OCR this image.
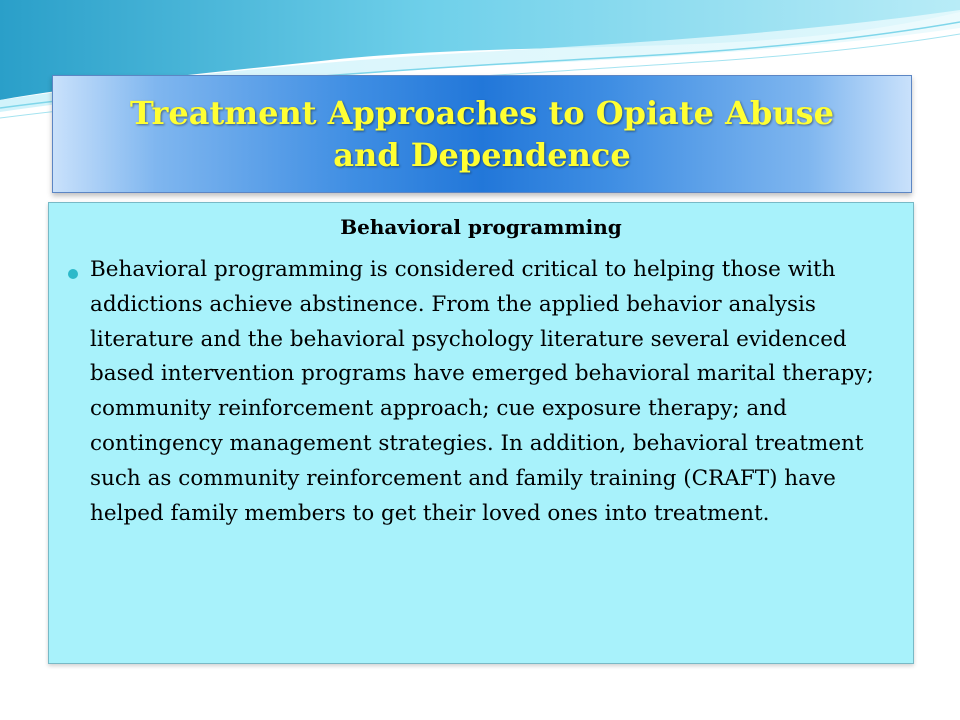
Treatment Approaches to Opiate Abuse and Dependence

Behavioral programming

Behavioral programming is considered critical to helping those with addictions achieve abstinence. From the applied behavior analysis literature and the behavioral psychology literature several evidenced based intervention programs have emerged behavioral marital therapy; community reinforcement approach; cue exposure therapy; and contingency management strategies. In addition, behavioral treatment such as community reinforcement and family training (CRAFT) have helped family members to get their loved ones into treatment.
